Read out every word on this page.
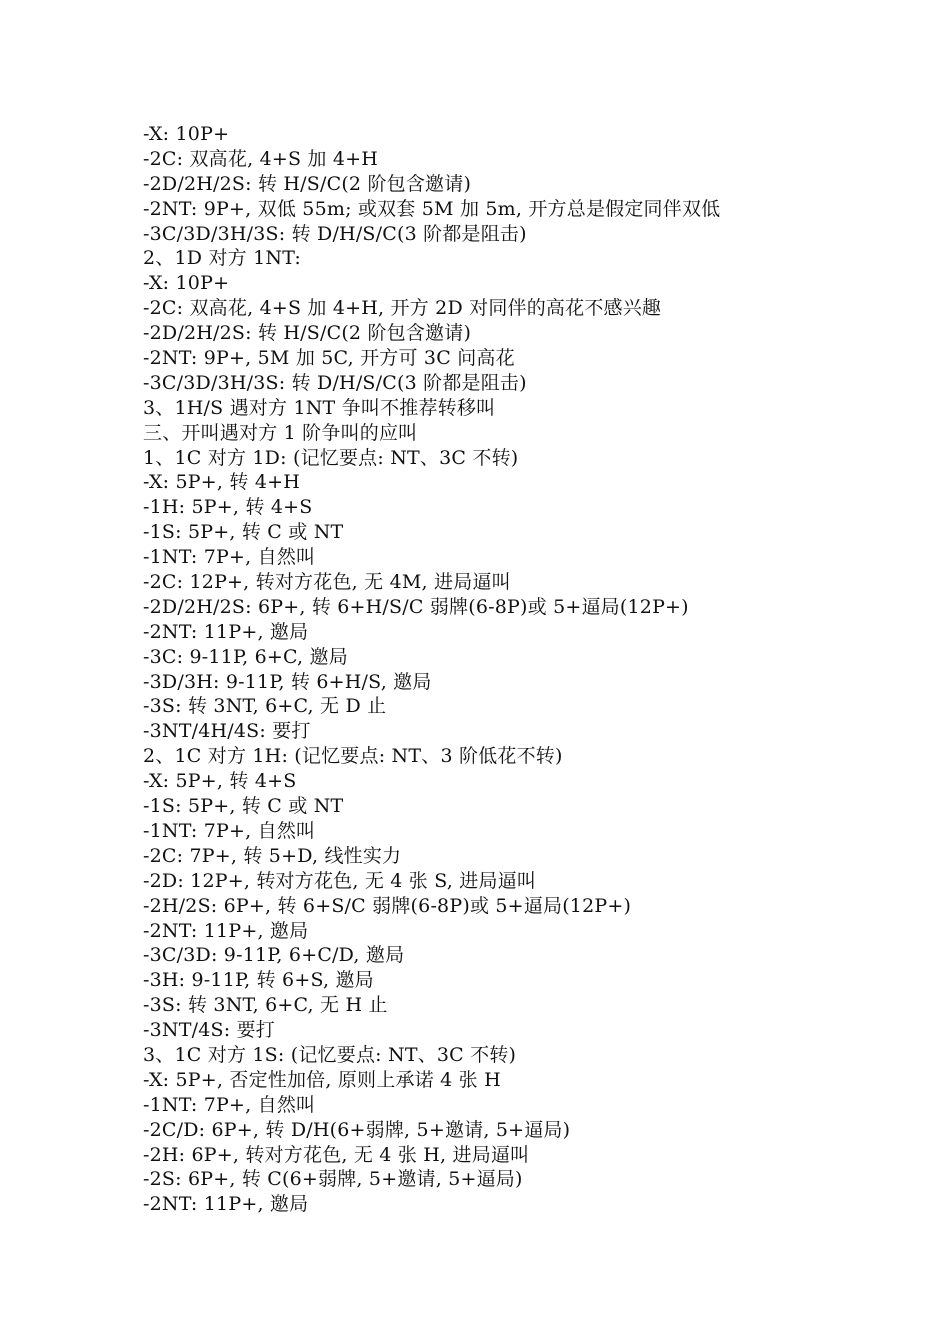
-X: 10P+
-2C: 双高花, 4+S 加 4+H
-2D/2H/2S: 转 H/S/C(2 阶包含邀请)
-2NT: 9P+, 双低 55m; 或双套 5M 加 5m, 开方总是假定同伴双低
-3C/3D/3H/3S: 转 D/H/S/C(3 阶都是阻击)
2、1D 对方 1NT:
-X: 10P+
-2C: 双高花, 4+S 加 4+H, 开方 2D 对同伴的高花不感兴趣
-2D/2H/2S: 转 H/S/C(2 阶包含邀请)
-2NT: 9P+, 5M 加 5C, 开方可 3C 问高花
-3C/3D/3H/3S: 转 D/H/S/C(3 阶都是阻击)
3、1H/S 遇对方 1NT 争叫不推荐转移叫
三、开叫遇对方 1 阶争叫的应叫
1、1C 对方 1D: (记忆要点: NT、3C 不转)
-X: 5P+, 转 4+H
-1H: 5P+, 转 4+S
-1S: 5P+, 转 C 或 NT
-1NT: 7P+, 自然叫
-2C: 12P+, 转对方花色, 无 4M, 进局逼叫
-2D/2H/2S: 6P+, 转 6+H/S/C 弱牌(6-8P)或 5+逼局(12P+)
-2NT: 11P+, 邀局
-3C: 9-11P, 6+C, 邀局
-3D/3H: 9-11P, 转 6+H/S, 邀局
-3S: 转 3NT, 6+C, 无 D 止
-3NT/4H/4S: 要打
2、1C 对方 1H: (记忆要点: NT、3 阶低花不转)
-X: 5P+, 转 4+S
-1S: 5P+, 转 C 或 NT
-1NT: 7P+, 自然叫
-2C: 7P+, 转 5+D, 线性实力
-2D: 12P+, 转对方花色, 无 4 张 S, 进局逼叫
-2H/2S: 6P+, 转 6+S/C 弱牌(6-8P)或 5+逼局(12P+)
-2NT: 11P+, 邀局
-3C/3D: 9-11P, 6+C/D, 邀局
-3H: 9-11P, 转 6+S, 邀局
-3S: 转 3NT, 6+C, 无 H 止
-3NT/4S: 要打
3、1C 对方 1S: (记忆要点: NT、3C 不转)
-X: 5P+, 否定性加倍, 原则上承诺 4 张 H
-1NT: 7P+, 自然叫
-2C/D: 6P+, 转 D/H(6+弱牌, 5+邀请, 5+逼局)
-2H: 6P+, 转对方花色, 无 4 张 H, 进局逼叫
-2S: 6P+, 转 C(6+弱牌, 5+邀请, 5+逼局)
-2NT: 11P+, 邀局
